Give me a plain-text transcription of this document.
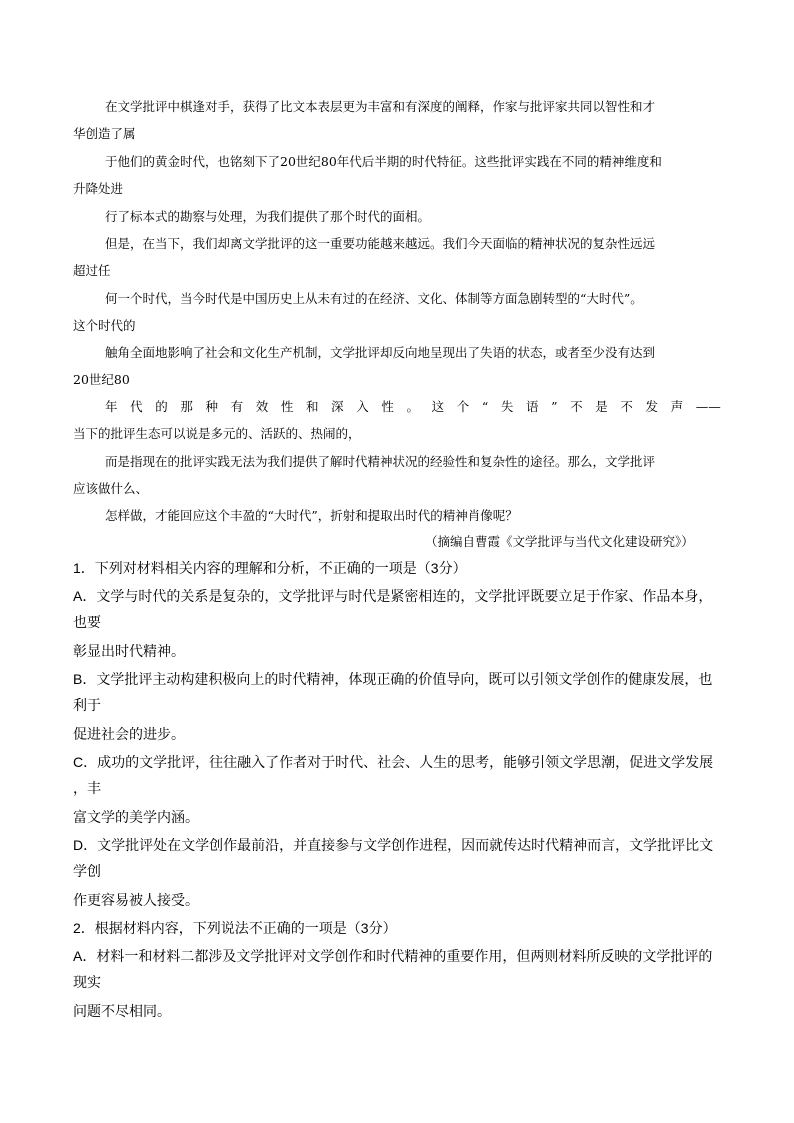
在文学批评中棋逢对手，获得了比文本表层更为丰富和有深度的阐释，作家与批评家共同以智性和才
华创造了属
于他们的黄金时代，也铭刻下了20世纪80年代后半期的时代特征。这些批评实践在不同的精神维度和
升降处进
行了标本式的勘察与处理，为我们提供了那个时代的面相。
但是，在当下，我们却离文学批评的这一重要功能越来越远。我们今天面临的精神状况的复杂性远远
超过任
何一个时代，当今时代是中国历史上从未有过的在经济、文化、体制等方面急剧转型的“大时代”。
这个时代的
触角全面地影响了社会和文化生产机制，文学批评却反向地呈现出了失语的状态，或者至少没有达到
20世纪80
年 代 的 那 种 有 效 性 和 深 入 性 。 这 个 “ 失 语 ” 不 是 不 发 声 ——
当下的批评生态可以说是多元的、活跃的、热闹的，
而是指现在的批评实践无法为我们提供了解时代精神状况的经验性和复杂性的途径。那么，文学批评
应该做什么、
怎样做，才能回应这个丰盈的“大时代”，折射和提取出时代的精神肖像呢？
（摘编自曹霞《文学批评与当代文化建设研究》）
1．下列对材料相关内容的理解和分析，不正确的一项是（3分）
A．文学与时代的关系是复杂的，文学批评与时代是紧密相连的，文学批评既要立足于作家、作品本身，
也要
彰显出时代精神。
B．文学批评主动构建积极向上的时代精神，体现正确的价值导向，既可以引领文学创作的健康发展，也
利于
促进社会的进步。
C．成功的文学批评，往往融入了作者对于时代、社会、人生的思考，能够引领文学思潮，促进文学发展
，丰
富文学的美学内涵。
D．文学批评处在文学创作最前沿，并直接参与文学创作进程，因而就传达时代精神而言，文学批评比文
学创
作更容易被人接受。
2．根据材料内容，下列说法不正确的一项是（3分）
A．材料一和材料二都涉及文学批评对文学创作和时代精神的重要作用，但两则材料所反映的文学批评的
现实
问题不尽相同。
